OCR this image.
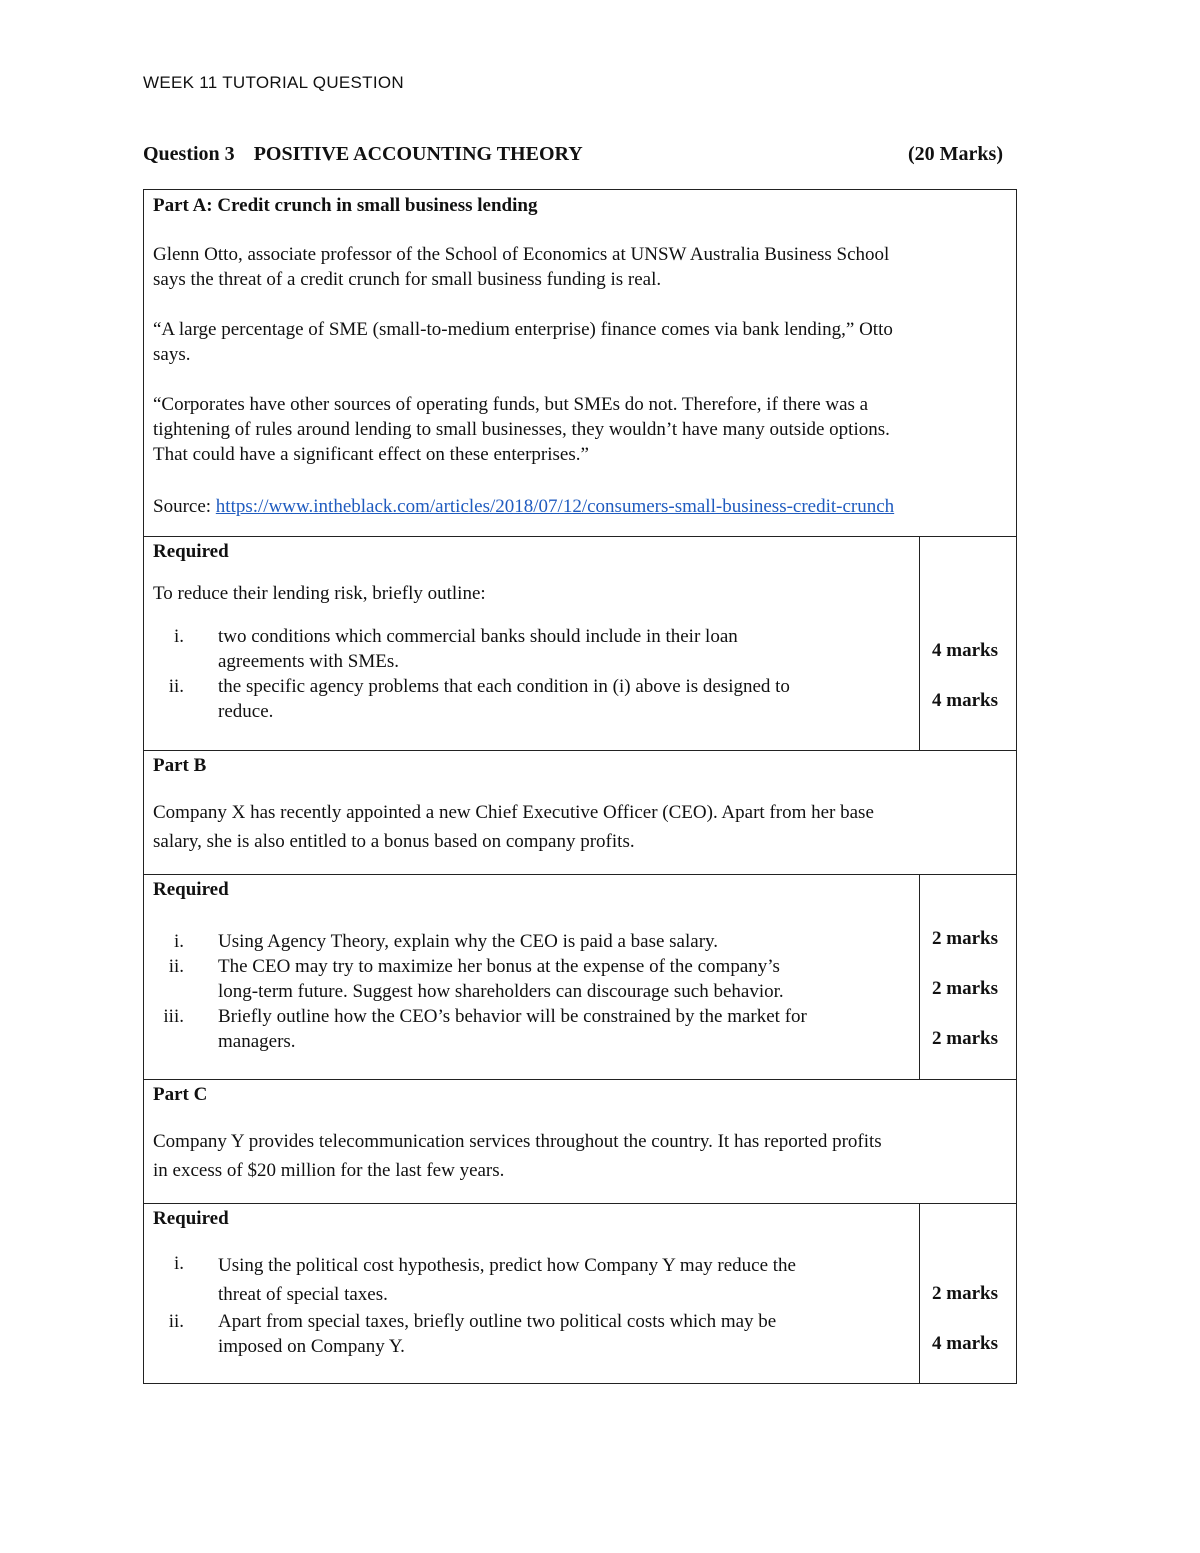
WEEK 11 TUTORIAL QUESTION
Question 3 POSITIVE ACCOUNTING THEORY	(20 Marks)
Part A: Credit crunch in small business lending
Glenn Otto, associate professor of the School of Economics at UNSW Australia Business School
says the threat of a credit crunch for small business funding is real.
“A large percentage of SME (small-to-medium enterprise) finance comes via bank lending,” Otto
says.
“Corporates have other sources of operating funds, but SMEs do not. Therefore, if there was a
tightening of rules around lending to small businesses, they wouldn’t have many outside options.
That could have a significant effect on these enterprises.”
Source: https://www.intheblack.com/articles/2018/07/12/consumers-small-business-credit-crunch
Required
To reduce their lending risk, briefly outline:
i. two conditions which commercial banks should include in their loan
agreements with SMEs.
4 marks
ii. the specific agency problems that each condition in (i) above is designed to
reduce.
4 marks
Part B
Company X has recently appointed a new Chief Executive Officer (CEO). Apart from her base
salary, she is also entitled to a bonus based on company profits.
Required
i. Using Agency Theory, explain why the CEO is paid a base salary.	2 marks
ii. The CEO may try to maximize her bonus at the expense of the company’s
long-term future. Suggest how shareholders can discourage such behavior.	2 marks
iii. Briefly outline how the CEO’s behavior will be constrained by the market for
managers.	2 marks
Part C
Company Y provides telecommunication services throughout the country. It has reported profits
in excess of $20 million for the last few years.
Required
i. Using the political cost hypothesis, predict how Company Y may reduce the
threat of special taxes.	2 marks
ii. Apart from special taxes, briefly outline two political costs which may be
imposed on Company Y.	4 marks
